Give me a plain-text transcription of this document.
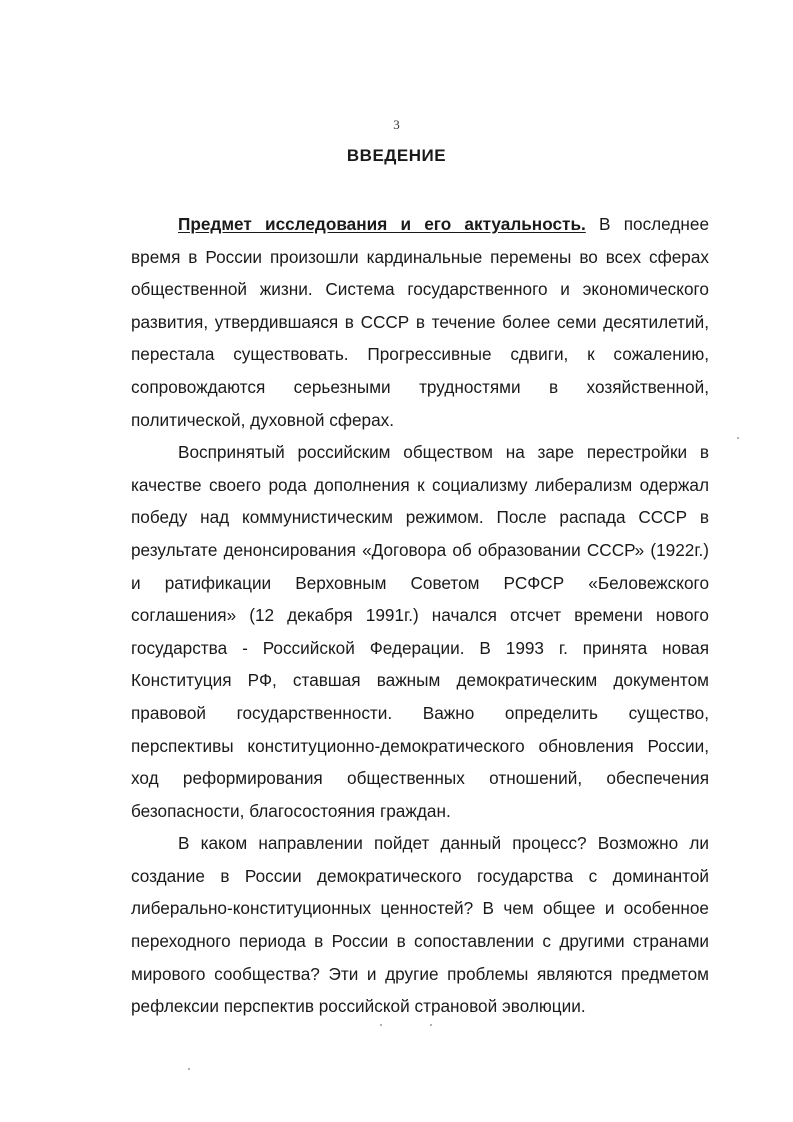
3
ВВЕДЕНИЕ

Предмет исследования и его актуальность. В последнее время в России произошли кардинальные перемены во всех сферах общественной жизни. Система государственного и экономического развития, утвердившаяся в СССР в течение более семи десятилетий, перестала существовать. Прогрессивные сдвиги, к сожалению, сопровождаются серьезными трудностями в хозяйственной, политической, духовной сферах.

Воспринятый российским обществом на заре перестройки в качестве своего рода дополнения к социализму либерализм одержал победу над коммунистическим режимом. После распада СССР в результате денонсирования «Договора об образовании СССР» (1922г.) и ратификации Верховным Советом РСФСР «Беловежского соглашения» (12 декабря 1991г.) начался отсчет времени нового государства - Российской Федерации. В 1993 г. принята новая Конституция РФ, ставшая важным демократическим документом правовой государственности. Важно определить существо, перспективы конституционно-демократического обновления России, ход реформирования общественных отношений, обеспечения безопасности, благосостояния граждан.

В каком направлении пойдет данный процесс? Возможно ли создание в России демократического государства с доминантой либерально-конституционных ценностей? В чем общее и особенное переходного периода в России в сопоставлении с другими странами мирового сообщества? Эти и другие проблемы являются предметом рефлексии перспектив российской страновой эволюции.
